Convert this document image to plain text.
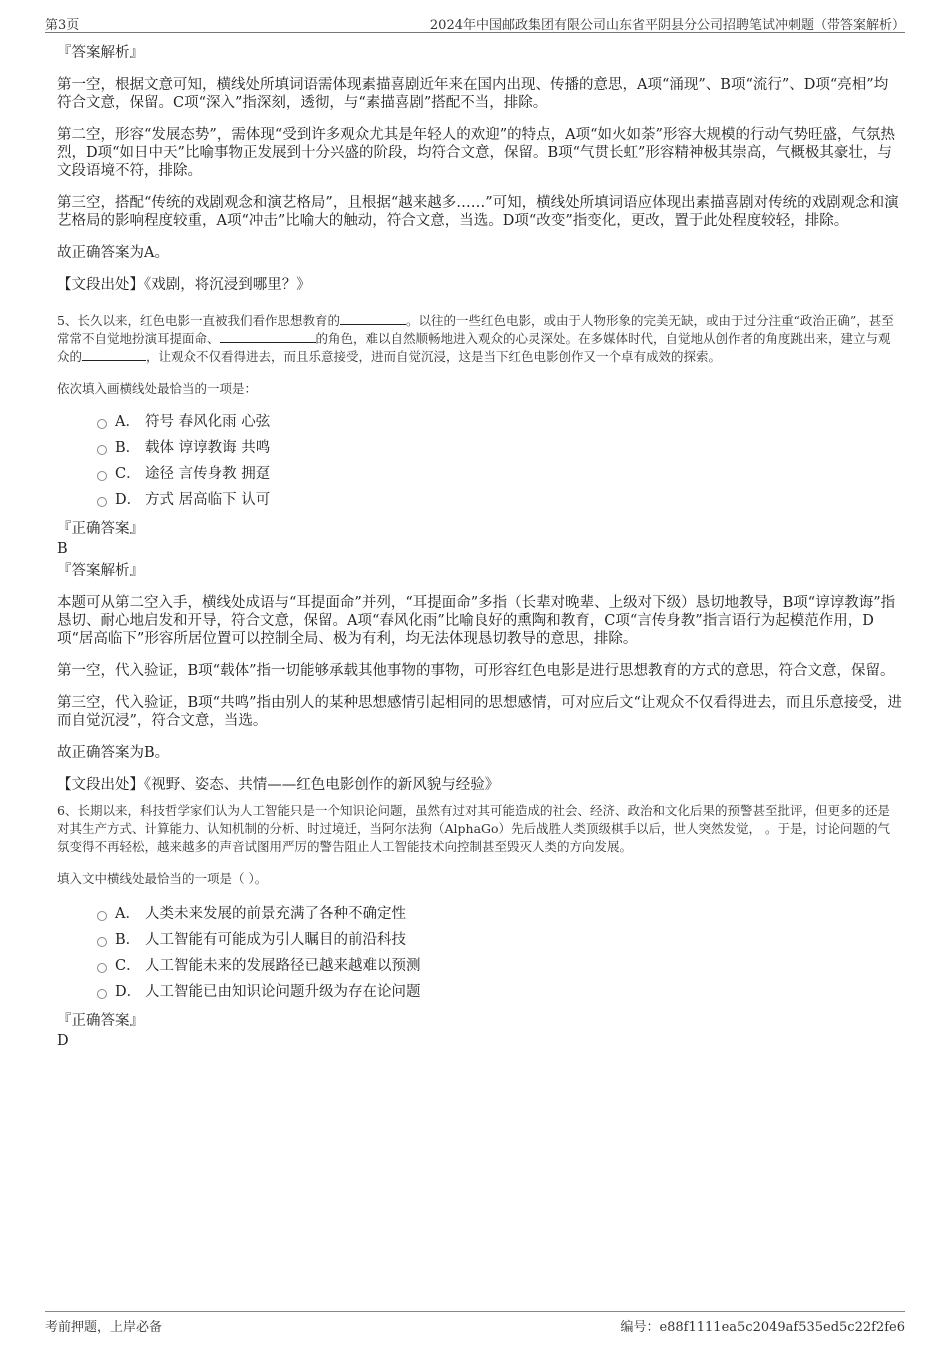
第3页	2024年中国邮政集团有限公司山东省平阴县分公司招聘笔试冲刺题（带答案解析）

『答案解析』

第一空，根据文意可知，横线处所填词语需体现素描喜剧近年来在国内出现、传播的意思，A项“涌现”、B项“流行”、D项“亮相”均符合文意，保留。C项“深入”指深刻，透彻，与“素描喜剧”搭配不当，排除。

第二空，形容“发展态势”，需体现“受到许多观众尤其是年轻人的欢迎”的特点，A项“如火如荼”形容大规模的行动气势旺盛，气氛热烈，D项“如日中天”比喻事物正发展到十分兴盛的阶段，均符合文意，保留。B项“气贯长虹”形容精神极其崇高，气概极其豪壮，与文段语境不符，排除。

第三空，搭配“传统的戏剧观念和演艺格局”，且根据“越来越多……”可知，横线处所填词语应体现出素描喜剧对传统的戏剧观念和演艺格局的影响程度较重，A项“冲击”比喻大的触动，符合文意，当选。D项“改变”指变化，更改，置于此处程度较轻，排除。

故正确答案为A。

【文段出处】《戏剧，将沉浸到哪里？》

5、长久以来，红色电影一直被我们看作思想教育的	。以往的一些红色电影，或由于人物形象的完美无缺，或由于过分注重“政治正确”，甚至常常不自觉地扮演耳提面命、	的角色，难以自然顺畅地进入观众的心灵深处。在多媒体时代，自觉地从创作者的角度跳出来，建立与观众的	，让观众不仅看得进去，而且乐意接受，进而自觉沉浸，这是当下红色电影创作又一个卓有成效的探索。

依次填入画横线处最恰当的一项是：

A． 符号 春风化雨 心弦
B． 载体 谆谆教诲 共鸣
C． 途径 言传身教 拥趸
D． 方式 居高临下 认可

『正确答案』

B

『答案解析』

本题可从第二空入手，横线处成语与“耳提面命”并列，“耳提面命”多指（长辈对晚辈、上级对下级）恳切地教导，B项“谆谆教诲”指恳切、耐心地启发和开导，符合文意，保留。A项“春风化雨”比喻良好的熏陶和教育，C项“言传身教”指言语行为起模范作用，D项“居高临下”形容所居位置可以控制全局、极为有利，均无法体现恳切教导的意思，排除。

第一空，代入验证，B项“载体”指一切能够承载其他事物的事物，可形容红色电影是进行思想教育的方式的意思，符合文意，保留。

第三空，代入验证，B项“共鸣”指由别人的某种思想感情引起相同的思想感情，可对应后文“让观众不仅看得进去，而且乐意接受，进而自觉沉浸”，符合文意，当选。

故正确答案为B。

【文段出处】《视野、姿态、共情——红色电影创作的新风貌与经验》

6、长期以来，科技哲学家们认为人工智能只是一个知识论问题，虽然有过对其可能造成的社会、经济、政治和文化后果的预警甚至批评，但更多的还是对其生产方式、计算能力、认知机制的分析、时过境迁，当阿尔法狗（AlphaGo）先后战胜人类顶级棋手以后，世人突然发觉， 。于是，讨论问题的气氛变得不再轻松，越来越多的声音试图用严厉的警告阻止人工智能技术向控制甚至毁灭人类的方向发展。

填入文中横线处最恰当的一项是（ ）。

A． 人类未来发展的前景充满了各种不确定性
B． 人工智能有可能成为引人瞩目的前沿科技
C． 人工智能未来的发展路径已越来越难以预测
D． 人工智能已由知识论问题升级为存在论问题

『正确答案』

D

考前押题，上岸必备	编号：e88f1111ea5c2049af535ed5c22f2fe6
